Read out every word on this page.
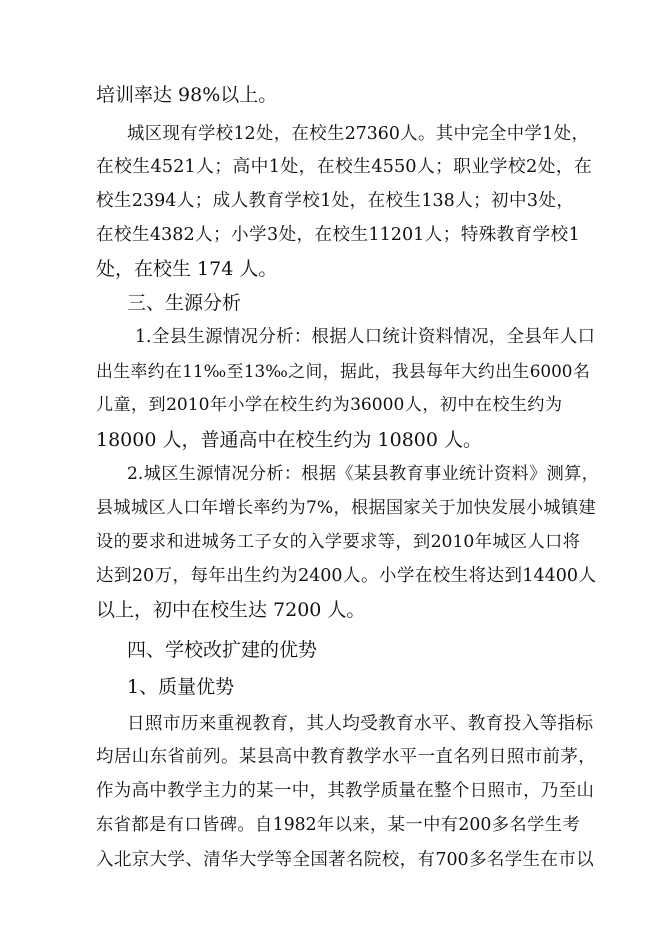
培训率达 98%以上。
城 区 现 有 学 校 12 处 ， 在 校 生 27360 人 。 其 中 完 全 中 学 1 处 ，
在 校 生 4521 人 ； 高 中 1 处 ， 在 校 生 4550 人 ； 职 业 学 校 2 处 ， 在
校 生 2394 人 ； 成 人 教 育 学 校 1 处 ， 在 校 生 138 人 ； 初 中 3 处 ，
在 校 生 4382 人 ； 小 学 3 处 ， 在 校 生 11201 人 ； 特 殊 教 育 学 校 1
处，在校生 174 人。
三、生源分析
1. 全 县 生 源 情 况 分 析 ： 根 据 人 口 统 计 资 料 情 况 ， 全 县 年 人 口
出 生 率 约 在 11‰ 至 13‰ 之 间 ， 据 此 ， 我 县 每 年 大 约 出 生 6000 名
儿 童 ， 到 2010 年 小 学 在 校 生 约 为 36000 人 ， 初 中 在 校 生 约 为
18000 人，普通高中在校生约为 10800 人。
2. 城 区 生 源 情 况 分 析 ： 根 据 《 某 县 教 育 事 业 统 计 资 料 》 测 算 ，
县 城 城 区 人 口 年 增 长 率 约 为 7% ， 根 据 国 家 关 于 加 快 发 展 小 城 镇 建
设 的 要 求 和 进 城 务 工 子 女 的 入 学 要 求 等 ， 到 2010 年 城 区 人 口 将
达 到 20 万 ， 每 年 出 生 约 为 2400 人 。 小 学 在 校 生 将 达 到 14400 人
以上，初中在校生达 7200 人。
四、学校改扩建的优势
1、质量优势
日 照 市 历 来 重 视 教 育 ， 其 人 均 受 教 育 水 平 、 教 育 投 入 等 指 标
均 居 山 东 省 前 列 。 某 县 高 中 教 育 教 学 水 平 一 直 名 列 日 照 市 前 茅 ，
作 为 高 中 教 学 主 力 的 某 一 中 ， 其 教 学 质 量 在 整 个 日 照 市 ， 乃 至 山
东 省 都 是 有 口 皆 碑 。 自 1982 年 以 来 ， 某 一 中 有 200 多 名 学 生 考
入 北 京 大 学 、 清 华 大 学 等 全 国 著 名 院 校 ， 有 700 多 名 学 生 在 市 以
